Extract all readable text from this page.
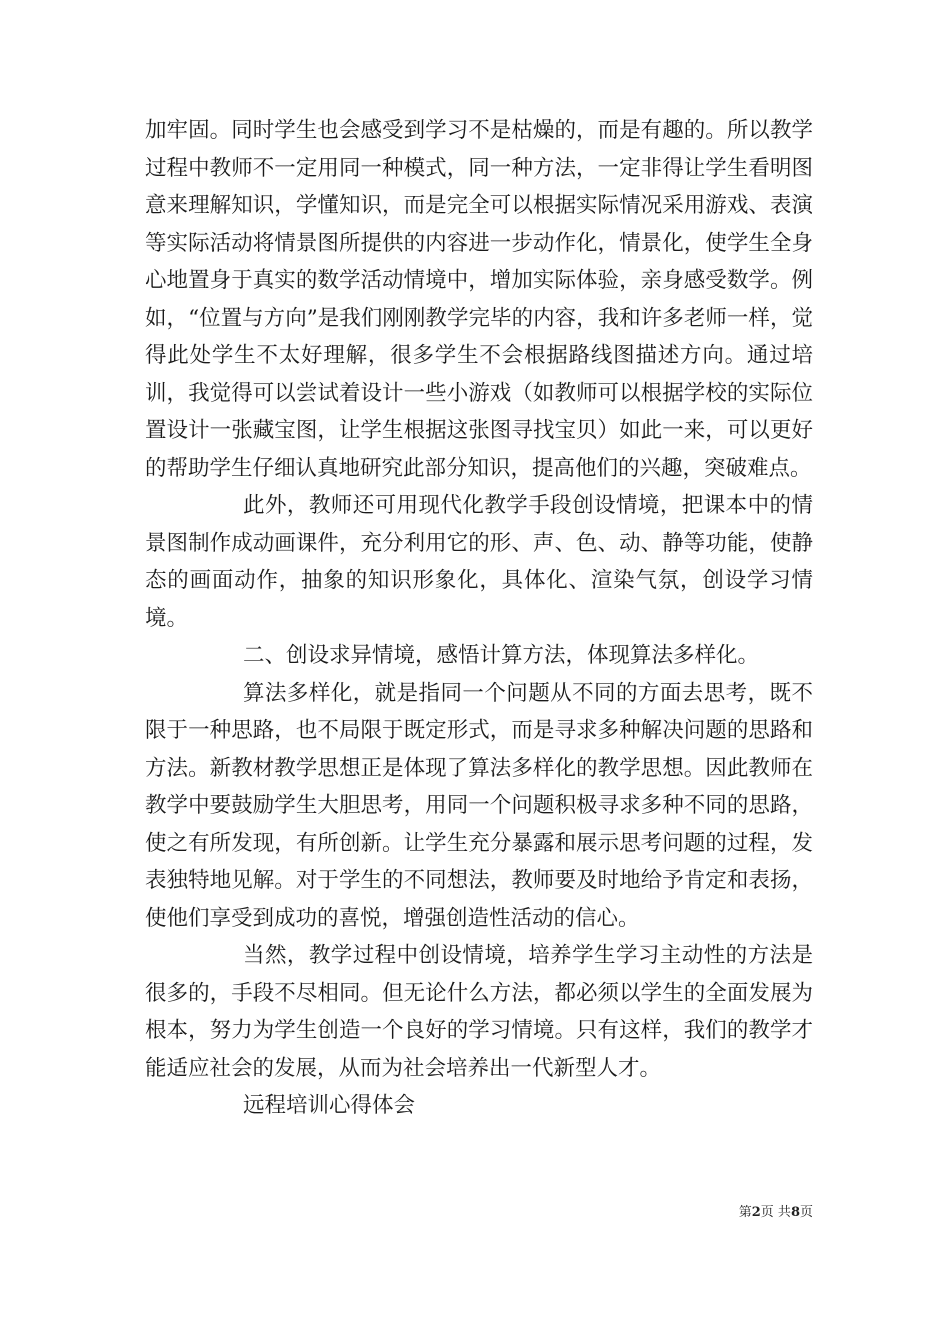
加牢固。同时学生也会感受到学习不是枯燥的，而是有趣的。所以教学过程中教师不一定用同一种模式，同一种方法，一定非得让学生看明图意来理解知识，学懂知识，而是完全可以根据实际情况采用游戏、表演等实际活动将情景图所提供的内容进一步动作化，情景化，使学生全身心地置身于真实的数学活动情境中，增加实际体验，亲身感受数学。例如，“位置与方向”是我们刚刚教学完毕的内容，我和许多老师一样，觉得此处学生不太好理解，很多学生不会根据路线图描述方向。通过培训，我觉得可以尝试着设计一些小游戏（如教师可以根据学校的实际位置设计一张藏宝图，让学生根据这张图寻找宝贝）如此一来，可以更好的帮助学生仔细认真地研究此部分知识，提高他们的兴趣，突破难点。

此外，教师还可用现代化教学手段创设情境，把课本中的情景图制作成动画课件，充分利用它的形、声、色、动、静等功能，使静态的画面动作，抽象的知识形象化，具体化、渲染气氛，创设学习情境。

二、创设求异情境，感悟计算方法，体现算法多样化。

算法多样化，就是指同一个问题从不同的方面去思考，既不限于一种思路，也不局限于既定形式，而是寻求多种解决问题的思路和方法。新教材教学思想正是体现了算法多样化的教学思想。因此教师在教学中要鼓励学生大胆思考，用同一个问题积极寻求多种不同的思路，使之有所发现，有所创新。让学生充分暴露和展示思考问题的过程，发表独特地见解。对于学生的不同想法，教师要及时地给予肯定和表扬，使他们享受到成功的喜悦，增强创造性活动的信心。

当然，教学过程中创设情境，培养学生学习主动性的方法是很多的，手段不尽相同。但无论什么方法，都必须以学生的全面发展为根本，努力为学生创造一个良好的学习情境。只有这样，我们的教学才能适应社会的发展，从而为社会培养出一代新型人才。

远程培训心得体会

第2页 共8页
